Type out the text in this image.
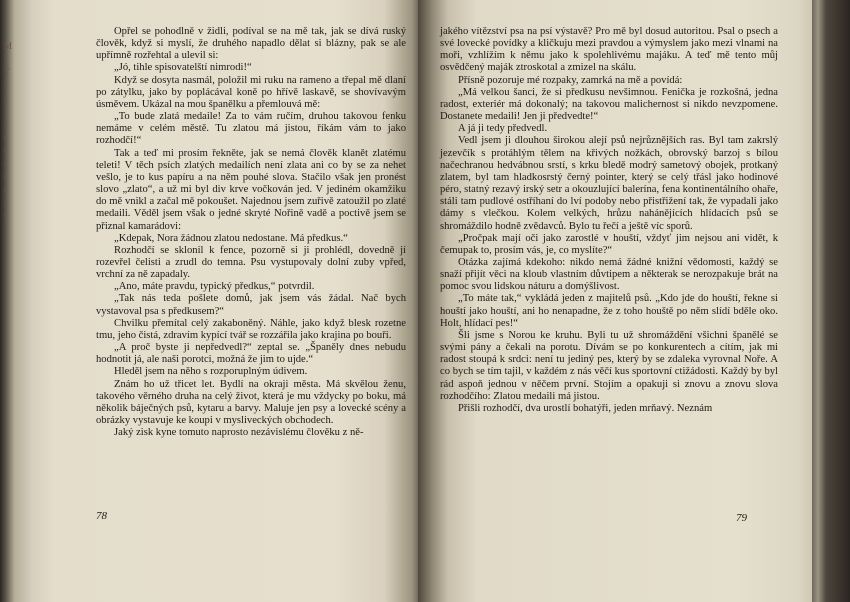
M
l
T
i
r
i
t
r
t
r
t
r
r
t

Opřel se pohodlně v židli, podíval se na mě tak, jak se dívá ruský člověk, když si myslí, že druhého napadlo dělat si blázny, pak se ale upřímně rozřehtal a ulevil si:

„Jó, tihle spisovatelští nimrodi!“

Když se dosyta nasmál, položil mi ruku na rameno a třepal mě dlaní po zátylku, jako by poplácával koně po hřívě laskavě, se shovívavým úsměvem. Ukázal na mou španělku a přemlouvá mě:

„To bude zlatá medaile! Za to vám ručím, druhou takovou fenku nemáme v celém městě. Tu zlatou má jistou, říkám vám to jako rozhodčí!“

Tak a teď mi prosím řekněte, jak se nemá člověk klanět zlatému teleti! V těch psích zlatých medailích není zlata ani co by se za nehet vešlo, je to kus papíru a na něm pouhé slova. Stačilo však jen pronést slovo „zlato“, a už mi byl div krve vočkován jed. V jediném okamžiku do mě vnikl a začal mě pokoušet. Najednou jsem zuřivě zatoužil po zlaté medaili. Věděl jsem však o jedné skryté Nořině vadě a poctivě jsem se přiznal kamarádovi:

„Kdepak, Nora žádnou zlatou nedostane. Má předkus.“

Rozhodčí se sklonil k fence, pozorně si ji prohlédl, dovedně jí rozevřel čelisti a zrudl do temna. Psu vystupovaly dolní zuby vpřed, vrchní za ně zapadaly.

„Ano, máte pravdu, typický předkus,“ potvrdil.

„Tak nás teda pošlete domů, jak jsem vás žádal. Nač bych vystavoval psa s předkusem?“

Chvilku přemítal celý zakaboněný. Náhle, jako když blesk rozetne tmu, jeho čistá, zdravím kypící tvář se rozzářila jako krajina po bouři.

„A proč byste ji nepředvedl?“ zeptal se. „Španěly dnes nebudu hodnotit já, ale naši porotci, možná že jim to ujde.“

Hleděl jsem na něho s rozporuplným údivem.

Znám ho už třicet let. Bydlí na okraji města. Má skvělou ženu, takového věrného druha na celý život, která je mu vždycky po boku, má několik báječných psů, kytaru a barvy. Maluje jen psy a lovecké scény a obrázky vystavuje ke koupi v mysliveckých obchodech.

Jaký zisk kyne tomuto naprosto nezávislému člověku z ně-

78

jakého vítězství psa na psí výstavě? Pro mě byl dosud autoritou. Psal o psech a své lovecké povídky a kličkuju mezi pravdou a výmyslem jako mezi vlnami na moři, vzhlížím k němu jako k spolehlivému majáku. A teď mě tento můj osvědčený maják ztroskotal a zmizel na skálu.

Přísně pozoruje mé rozpaky, zamrká na mě a povídá:

„Má velkou šanci, že si předkusu nevšimnou. Fenička je rozkošná, jedna radost, exteriér má dokonalý; na takovou malichernost si nikdo nevzpomene. Dostanete medaili! Jen ji předvedte!“

A já ji tedy předvedl.

Vedl jsem ji dlouhou širokou alejí psů nejrůznějších ras. Byl tam zakrslý jezevčík s protáhlým tělem na křivých nožkách, obrovský barzoj s bílou načechranou hedvábnou srstí, s krku bledě modrý sametový obojek, protkaný zlatem, byl tam hladkosrstý černý pointer, který se celý třásl jako hodinové péro, statný rezavý irský setr a okouzlující balerína, fena kontinentálního ohaře, stáli tam pudlové ostříhaní do lví podoby nebo přistřižení tak, že vypadali jako dámy s vlečkou. Kolem velkých, hrůzu nahánějících hlídacích psů se shromáždilo hodně zvědavců. Bylo tu řečí a ještě víc sporů.

„Pročpak mají oči jako zarostlé v houští, vždyť jim nejsou ani vidět, k čemupak to, prosím vás, je, co myslíte?“

Otázka zajímá kdekoho: nikdo nemá žádné knižní vědomosti, každý se snaží přijít věci na kloub vlastním důvtipem a některak se nerozpakuje brát na pomoc svou lidskou náturu a domýšlivost.

„To máte tak,“ vykládá jeden z majitelů psů. „Kdo jde do houští, řekne si houští jako houští, ani ho nenapadne, že z toho houště po něm slídí bděle oko. Holt, hlídací pes!“

Šli jsme s Norou ke kruhu. Byli tu už shromáždění všichni španělé se svými pány a čekali na porotu. Dívám se po konkurentech a cítím, jak mi radost stoupá k srdci: není tu jediný pes, který by se zdaleka vyrovnal Noře. A co bych se tím tajil, v každém z nás věčí kus sportovní ctižádosti. Každý by byl rád aspoň jednou v něčem první. Stojím a opakuji si znovu a znovu slova rozhodčího: Zlatou medaili má jistou.

Přišli rozhodčí, dva urostlí bohatýři, jeden mrňavý. Neznám

79
